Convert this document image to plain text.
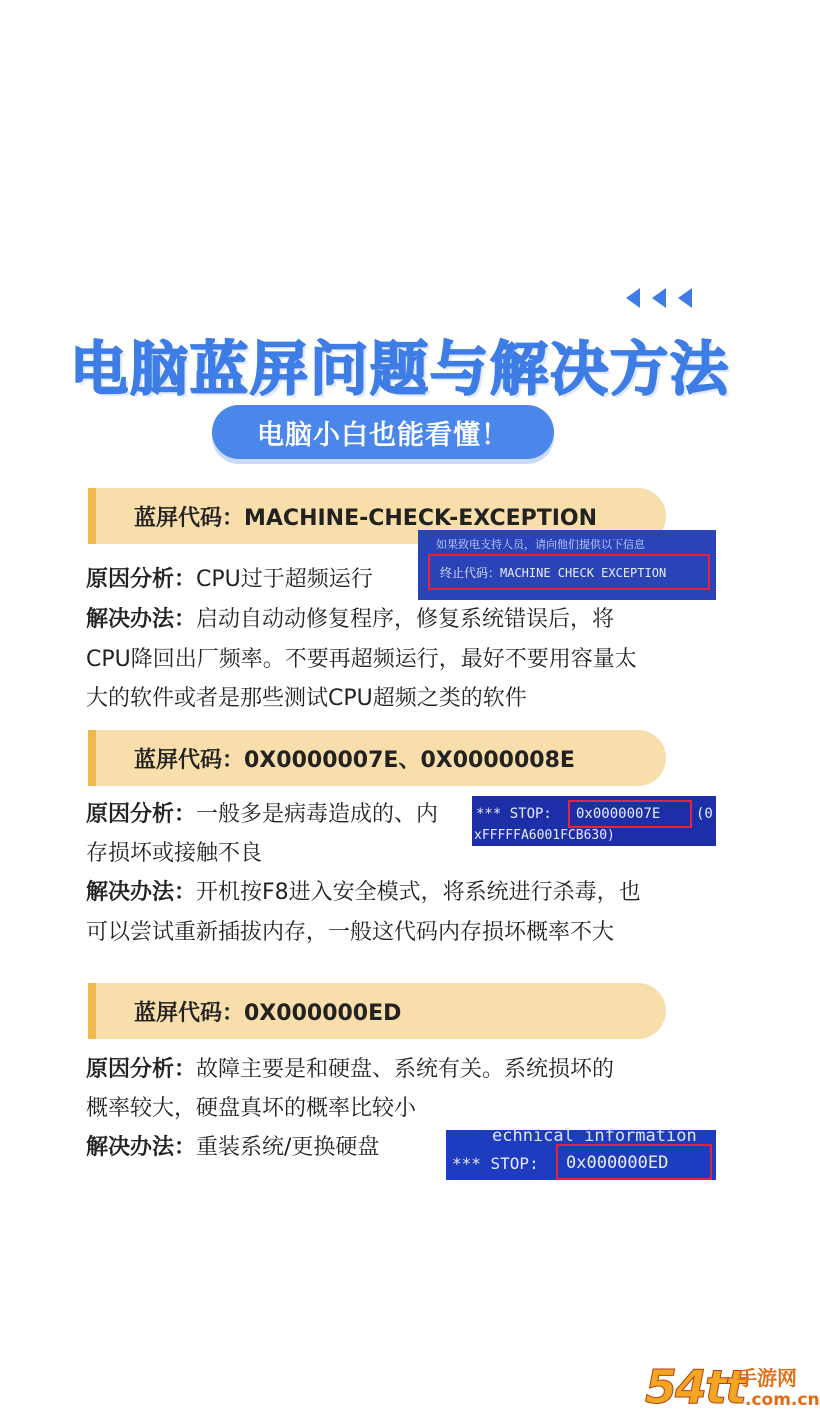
电脑蓝屏问题与解决方法
电脑小白也能看懂！
蓝屏代码：MACHINE-CHECK-EXCEPTION
如果致电支持人员，请向他们提供以下信息
终止代码：MACHINE CHECK EXCEPTION
原因分析：CPU过于超频运行
解决办法：启动自动动修复程序，修复系统错误后，将
CPU降回出厂频率。不要再超频运行，最好不要用容量太
大的软件或者是那些测试CPU超频之类的软件
蓝屏代码：0X0000007E、0X0000008E
*** STOP: 0x0000007E	(0
xFFFFFA6001FCB630)
原因分析：一般多是病毒造成的、内
存损坏或接触不良
解决办法：开机按F8进入安全模式，将系统进行杀毒，也
可以尝试重新插拔内存，一般这代码内存损坏概率不大
蓝屏代码：0X000000ED
原因分析：故障主要是和硬盘、系统有关。系统损坏的
概率较大，硬盘真坏的概率比较小
echnical information
*** STOP: 0x000000ED
解决办法：重装系统/更换硬盘
54tt
手游网
.com.cn
